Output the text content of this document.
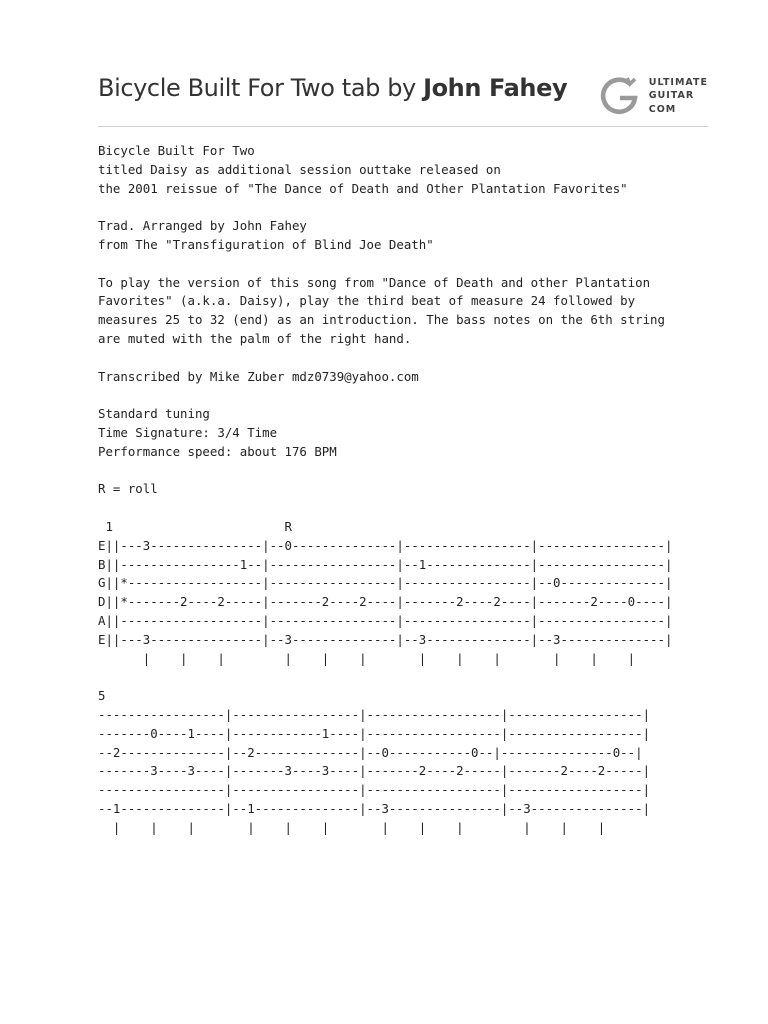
Bicycle Built For Two tab by John Fahey	ULTIMATE
GUITAR
COM
Bicycle Built For Two
titled Daisy as additional session outtake released on
the 2001 reissue of "The Dance of Death and Other Plantation Favorites"
Trad. Arranged by John Fahey
from The "Transfiguration of Blind Joe Death"
To play the version of this song from "Dance of Death and other Plantation
Favorites" (a.k.a. Daisy), play the third beat of measure 24 followed by
measures 25 to 32 (end) as an introduction. The bass notes on the 6th string
are muted with the palm of the right hand.
Transcribed by Mike Zuber mdz0739@yahoo.com
Standard tuning
Time Signature: 3/4 Time
Performance speed: about 176 BPM
R = roll
1                       R
E||---3---------------|--0--------------|-----------------|-----------------|
B||----------------1--|-----------------|--1--------------|-----------------|
G||*------------------|-----------------|-----------------|--0--------------|
D||*-------2----2-----|-------2----2----|-------2----2----|-------2----0----|
A||-------------------|-----------------|-----------------|-----------------|
E||---3---------------|--3--------------|--3--------------|--3--------------|
|    |    |        |    |    |       |    |    |       |    |    |
5
-----------------|-----------------|------------------|------------------|
-------0----1----|------------1----|------------------|------------------|
--2--------------|--2--------------|--0-----------0--|---------------0--|
-------3----3----|-------3----3----|-------2----2-----|-------2----2-----|
-----------------|-----------------|------------------|------------------|
--1--------------|--1--------------|--3---------------|--3---------------|
|    |    |       |    |    |       |    |    |        |    |    |
